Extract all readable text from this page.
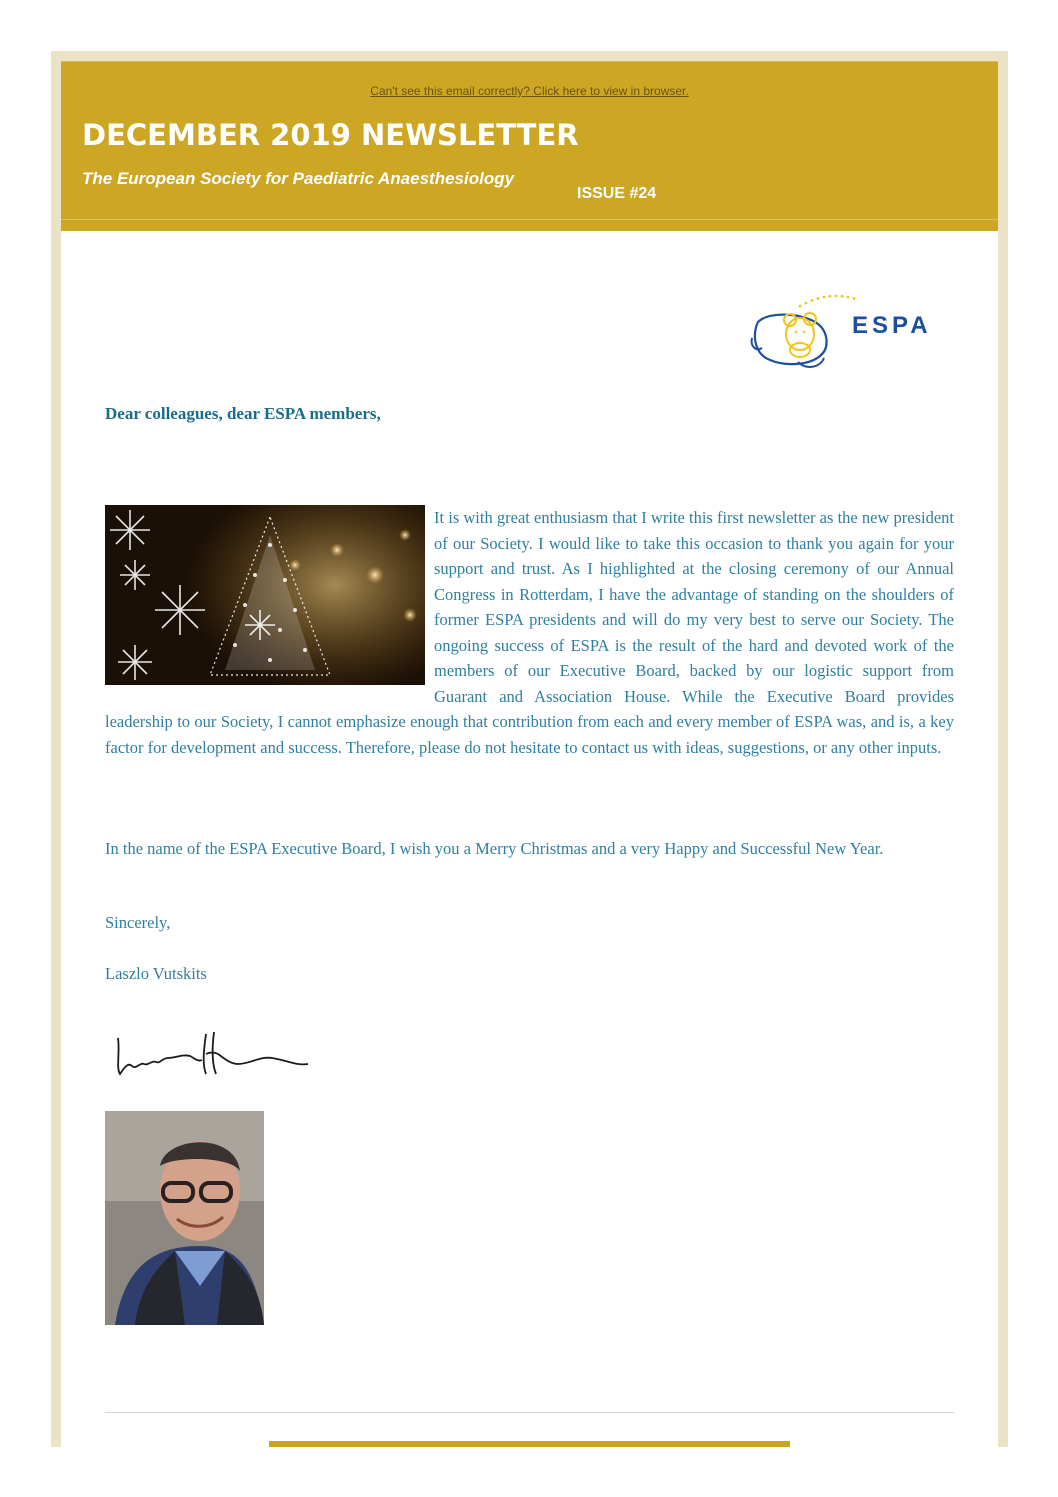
Can't see this email correctly? Click here to view in browser.
DECEMBER 2019 NEWSLETTER
The European Society for Paediatric Anaesthesiology
ISSUE #24
ESPA
Dear colleagues, dear ESPA members,
It is with great enthusiasm that I write this first newsletter as the new president of our Society. I would like to take this occasion to thank you again for your support and trust. As I highlighted at the closing ceremony of our Annual Congress in Rotterdam, I have the advantage of standing on the shoulders of former ESPA presidents and will do my very best to serve our Society. The ongoing success of ESPA is the result of the hard and devoted work of the members of our Executive Board, backed by our logistic support from Guarant and Association House. While the Executive Board provides leadership to our Society, I cannot emphasize enough that contribution from each and every member of ESPA was, and is, a key factor for development and success. Therefore, please do not hesitate to contact us with ideas, suggestions, or any other inputs.
In the name of the ESPA Executive Board, I wish you a Merry Christmas and a very Happy and Successful New Year.
Sincerely,
Laszlo Vutskits
